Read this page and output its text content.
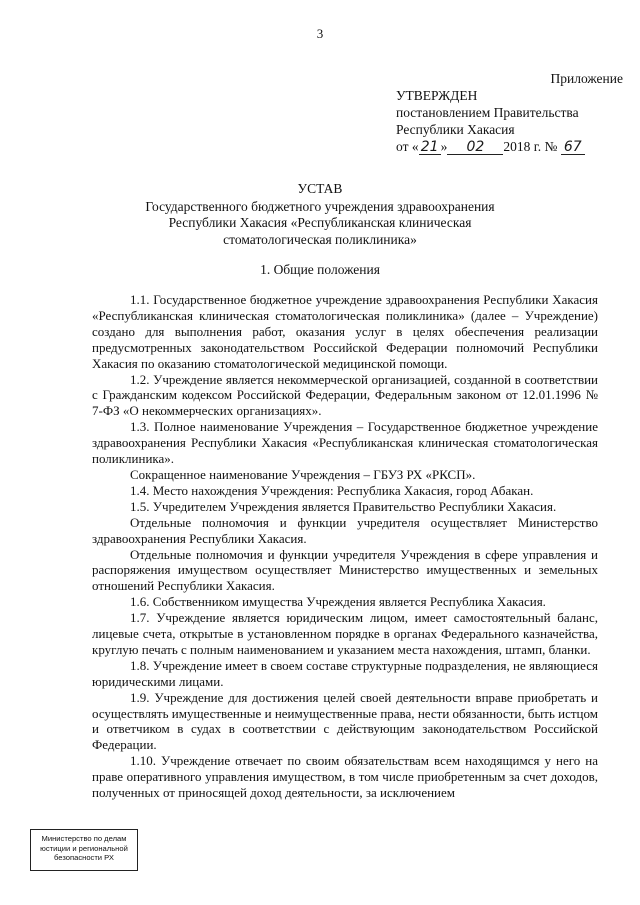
3
Приложение
УТВЕРЖДЕН
постановлением Правительства
Республики Хакасия
от « 21 » 02 2018 г. № 67
УСТАВ
Государственного бюджетного учреждения здравоохранения
Республики Хакасия «Республиканская клиническая
стоматологическая поликлиника»
1. Общие положения

1.1. Государственное бюджетное учреждение здравоохранения Республики Хакасия «Республиканская клиническая стоматологическая поликлиника» (далее – Учреждение) создано для выполнения работ, оказания услуг в целях обеспечения реализации предусмотренных законодательством Российской Федерации полномочий Республики Хакасия по оказанию стоматологической медицинской помощи.

1.2. Учреждение является некоммерческой организацией, созданной в соответствии с Гражданским кодексом Российской Федерации, Федеральным законом от 12.01.1996 № 7-ФЗ «О некоммерческих организациях».

1.3. Полное наименование Учреждения – Государственное бюджетное учреждение здравоохранения Республики Хакасия «Республиканская клиническая стоматологическая поликлиника».

Сокращенное наименование Учреждения – ГБУЗ РХ «РКСП».

1.4. Место нахождения Учреждения: Республика Хакасия, город Абакан.

1.5. Учредителем Учреждения является Правительство Республики Хакасия.

Отдельные полномочия и функции учредителя осуществляет Министерство здравоохранения Республики Хакасия.

Отдельные полномочия и функции учредителя Учреждения в сфере управления и распоряжения имуществом осуществляет Министерство имущественных и земельных отношений Республики Хакасия.

1.6. Собственником имущества Учреждения является Республика Хакасия.

1.7. Учреждение является юридическим лицом, имеет самостоятельный баланс, лицевые счета, открытые в установленном порядке в органах Федерального казначейства, круглую печать с полным наименованием и указанием места нахождения, штамп, бланки.

1.8. Учреждение имеет в своем составе структурные подразделения, не являющиеся юридическими лицами.

1.9. Учреждение для достижения целей своей деятельности вправе приобретать и осуществлять имущественные и неимущественные права, нести обязанности, быть истцом и ответчиком в судах в соответствии с действующим законодательством Российской Федерации.

1.10. Учреждение отвечает по своим обязательствам всем находящимся у него на праве оперативного управления имуществом, в том числе приобретенным за счет доходов, полученных от приносящей доход деятельности, за исключением

Министерство по делам
юстиции и региональной
безопасности РХ
